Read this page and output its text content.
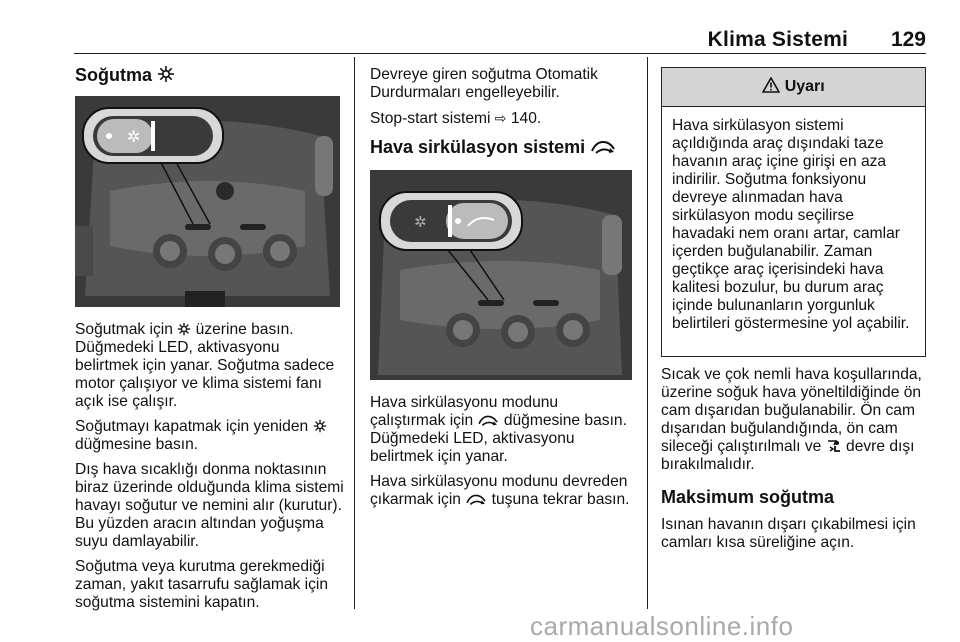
Klima Sistemi 129
Soğutma
✲

Soğutmak için üzerine basın. Düğmedeki LED, aktivasyonu belirtmek için yanar. Soğutma sadece motor çalışıyor ve klima sistemi fanı açık ise çalışır.

Soğutmayı kapatmak için yeniden  düğmesine basın.

Dış hava sıcaklığı donma noktasının biraz üzerinde olduğunda klima sistemi havayı soğutur ve nemini alır (kurutur). Bu yüzden aracın altından yoğuşma suyu damlayabilir.

Soğutma veya kurutma gerekmediği zaman, yakıt tasarrufu sağlamak için soğutma sistemini kapatın.

Devreye giren soğutma Otomatik Durdurmaları engelleyebilir.

Stop-start sistemi ⇨ 140.

Hava sirkülasyon sistemi
✲

Hava sirkülasyonu modunu çalıştırmak için düğmesine basın. Düğmedeki LED, aktivasyonu belirtmek için yanar.

Hava sirkülasyonu modunu devreden çıkarmak için tuşuna tekrar basın.

Uyarı
Hava sirkülasyon sistemi açıldığında araç dışındaki taze havanın araç içine girişi en aza indirilir. Soğutma fonksiyonu devreye alınmadan hava sirkülasyon modu seçilirse havadaki nem oranı artar, camlar içerden buğulanabilir. Zaman geçtikçe araç içerisindeki hava kalitesi bozulur, bu durum araç içinde bulunanların yorgunluk belirtileri göstermesine yol açabilir.

Sıcak ve çok nemli hava koşullarında, üzerine soğuk hava yöneltildiğinde ön cam dışarıdan buğulanabilir. Ön cam dışarıdan buğulandığında, ön cam sileceği çalıştırılmalı ve devre dışı bırakılmalıdır.

Maksimum soğutma

Isınan havanın dışarı çıkabilmesi için camları kısa süreliğine açın.

carmanualsonline.info
